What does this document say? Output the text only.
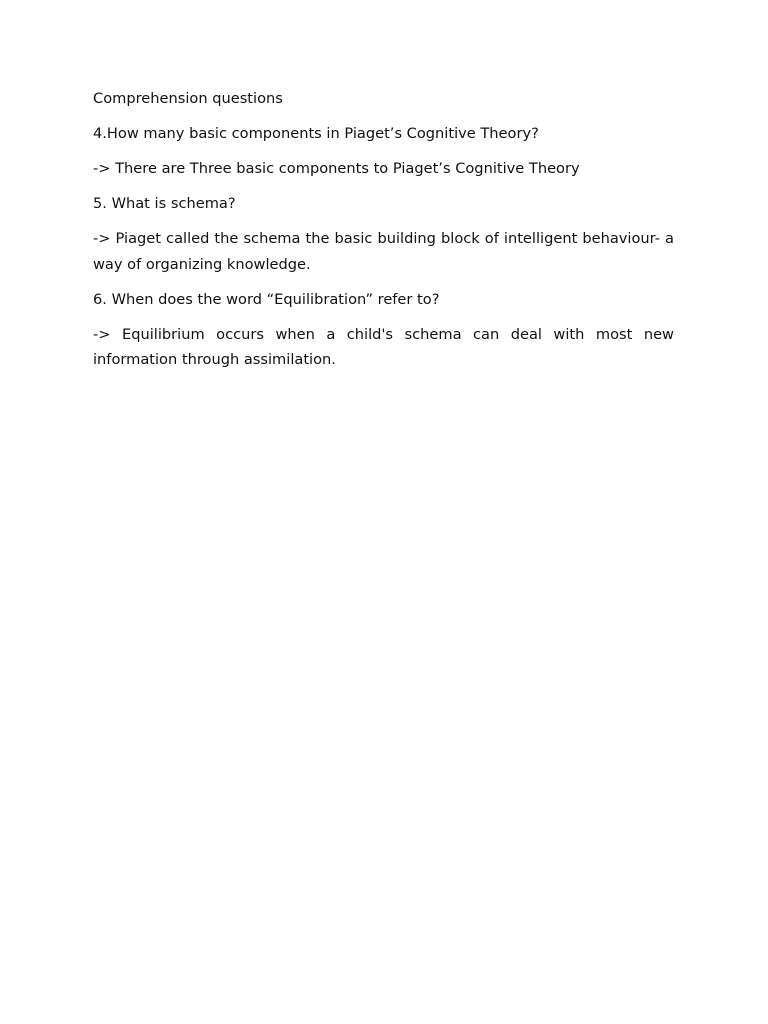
Comprehension questions

4.How many basic components in Piaget’s Cognitive Theory?

-> There are Three basic components to Piaget’s Cognitive Theory

5. What is schema?

-> Piaget called the schema the basic building block of intelligent behaviour- a way of organizing knowledge.

6. When does the word “Equilibration” refer to?

-> Equilibrium occurs when a child's schema can deal with most new information through assimilation.
